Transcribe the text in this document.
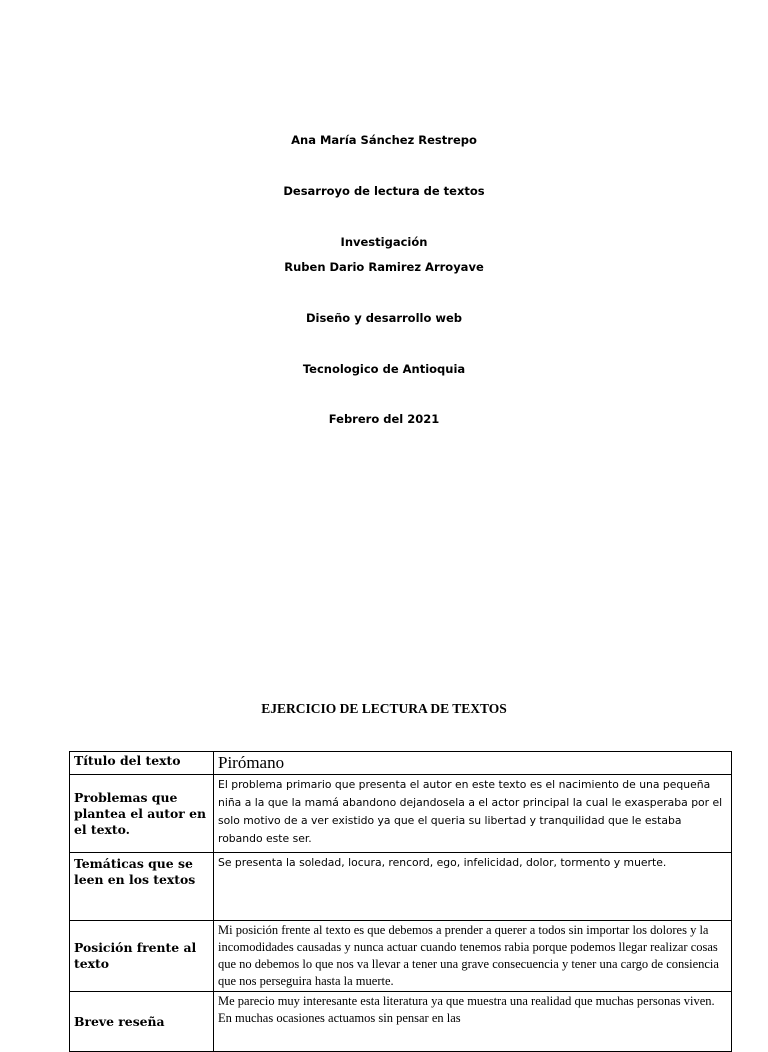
Ana María Sánchez Restrepo

Desarroyo de lectura de textos

Investigación

Ruben Dario Ramirez Arroyave

Diseño y desarrollo web

Tecnologico de Antioquia

Febrero del 2021

EJERCICIO DE LECTURA DE TEXTOS
Título del texto	Pirómano
Problemas que plantea el autor en el texto.	El problema primario que presenta el autor en este texto es el nacimiento de una pequeña niña a la que la mamá abandono dejandosela a el actor principal la cual le exasperaba por el solo motivo de a ver existido ya que el queria su libertad y tranquilidad que le estaba robando este ser.
Temáticas que se leen en los textos	Se presenta la soledad, locura, rencord, ego, infelicidad, dolor, tormento y muerte.
Posición frente al texto	Mi posición frente al texto es que debemos a prender a querer a todos sin importar los dolores y la incomodidades causadas y nunca actuar cuando tenemos rabia porque podemos llegar realizar cosas que no debemos lo que nos va llevar a tener una grave consecuencia y tener una cargo de consiencia que nos perseguira hasta la muerte.
Breve reseña	Me parecio muy interesante esta literatura ya que muestra una realidad que muchas personas viven. En muchas ocasiones actuamos sin pensar en las
